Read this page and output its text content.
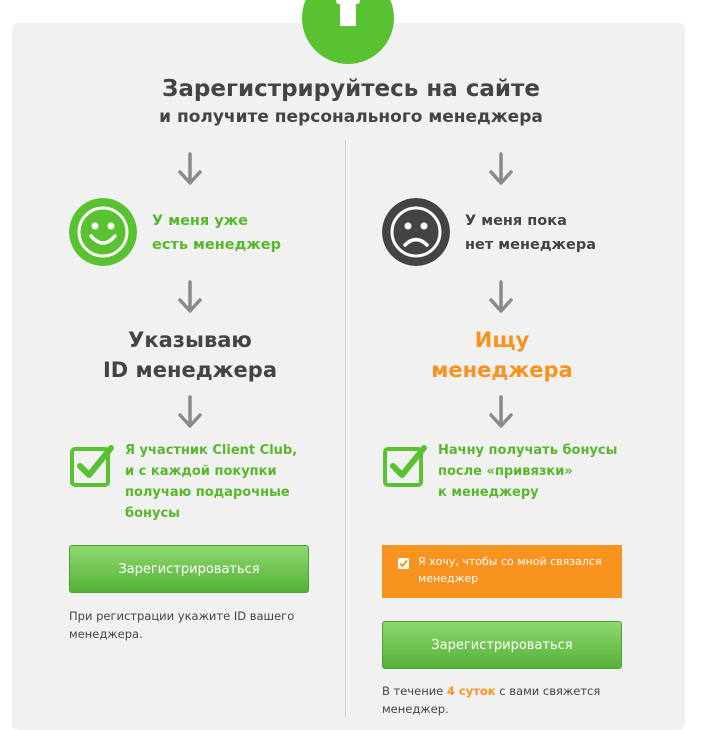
Зарегистрируйтесь на сайте
и получите персонального менеджера
У меня уже
есть менеджер
Указываю
ID менеджера
Я участник Client Club,
и с каждой покупки
получаю подарочные
бонусы
Зарегистрироваться
При регистрации укажите ID вашего
менеджера.
У меня пока
нет менеджера
Ищу
менеджера
Начну получать бонусы
после «привязки»
к менеджеру
Я хочу, чтобы со мной связался
менеджер
Зарегистрироваться
В течение 4 суток с вами свяжется
менеджер.
